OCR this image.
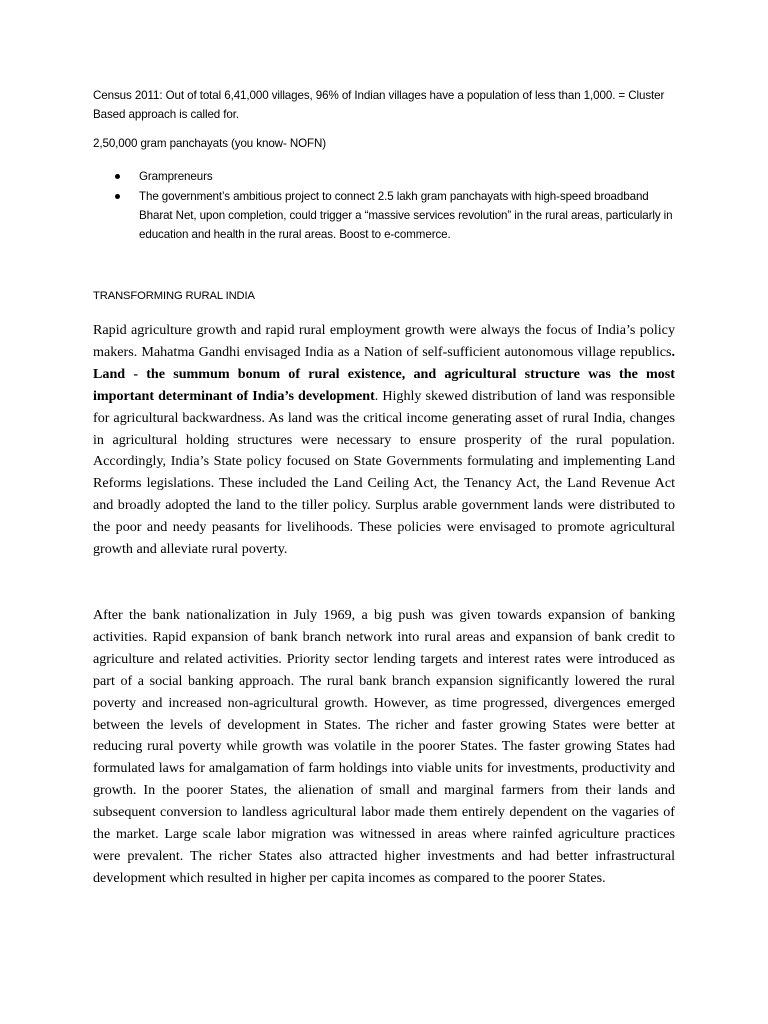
Census 2011: Out of total 6,41,000 villages, 96% of Indian villages have a population of less than 1,000. = Cluster Based approach is called for.

2,50,000 gram panchayats (you know- NOFN)

Grampreneurs
The government’s ambitious project to connect 2.5 lakh gram panchayats with high-speed broadband Bharat Net, upon completion, could trigger a “massive services revolution” in the rural areas, particularly in education and health in the rural areas. Boost to e-commerce.
TRANSFORMING RURAL INDIA

Rapid agriculture growth and rapid rural employment growth were always the focus of India’s policy makers. Mahatma Gandhi envisaged India as a Nation of self-sufficient autonomous village republics. Land - the summum bonum of rural existence, and agricultural structure was the most important determinant of India’s development. Highly skewed distribution of land was responsible for agricultural backwardness. As land was the critical income generating asset of rural India, changes in agricultural holding structures were necessary to ensure prosperity of the rural population. Accordingly, India’s State policy focused on State Governments formulating and implementing Land Reforms legislations. These included the Land Ceiling Act, the Tenancy Act, the Land Revenue Act and broadly adopted the land to the tiller policy. Surplus arable government lands were distributed to the poor and needy peasants for livelihoods. These policies were envisaged to promote agricultural growth and alleviate rural poverty.

After the bank nationalization in July 1969, a big push was given towards expansion of banking activities. Rapid expansion of bank branch network into rural areas and expansion of bank credit to agriculture and related activities. Priority sector lending targets and interest rates were introduced as part of a social banking approach. The rural bank branch expansion significantly lowered the rural poverty and increased non-agricultural growth. However, as time progressed, divergences emerged between the levels of development in States. The richer and faster growing States were better at reducing rural poverty while growth was volatile in the poorer States. The faster growing States had formulated laws for amalgamation of farm holdings into viable units for investments, productivity and growth. In the poorer States, the alienation of small and marginal farmers from their lands and subsequent conversion to landless agricultural labor made them entirely dependent on the vagaries of the market. Large scale labor migration was witnessed in areas where rainfed agriculture practices were prevalent. The richer States also attracted higher investments and had better infrastructural development which resulted in higher per capita incomes as compared to the poorer States.
